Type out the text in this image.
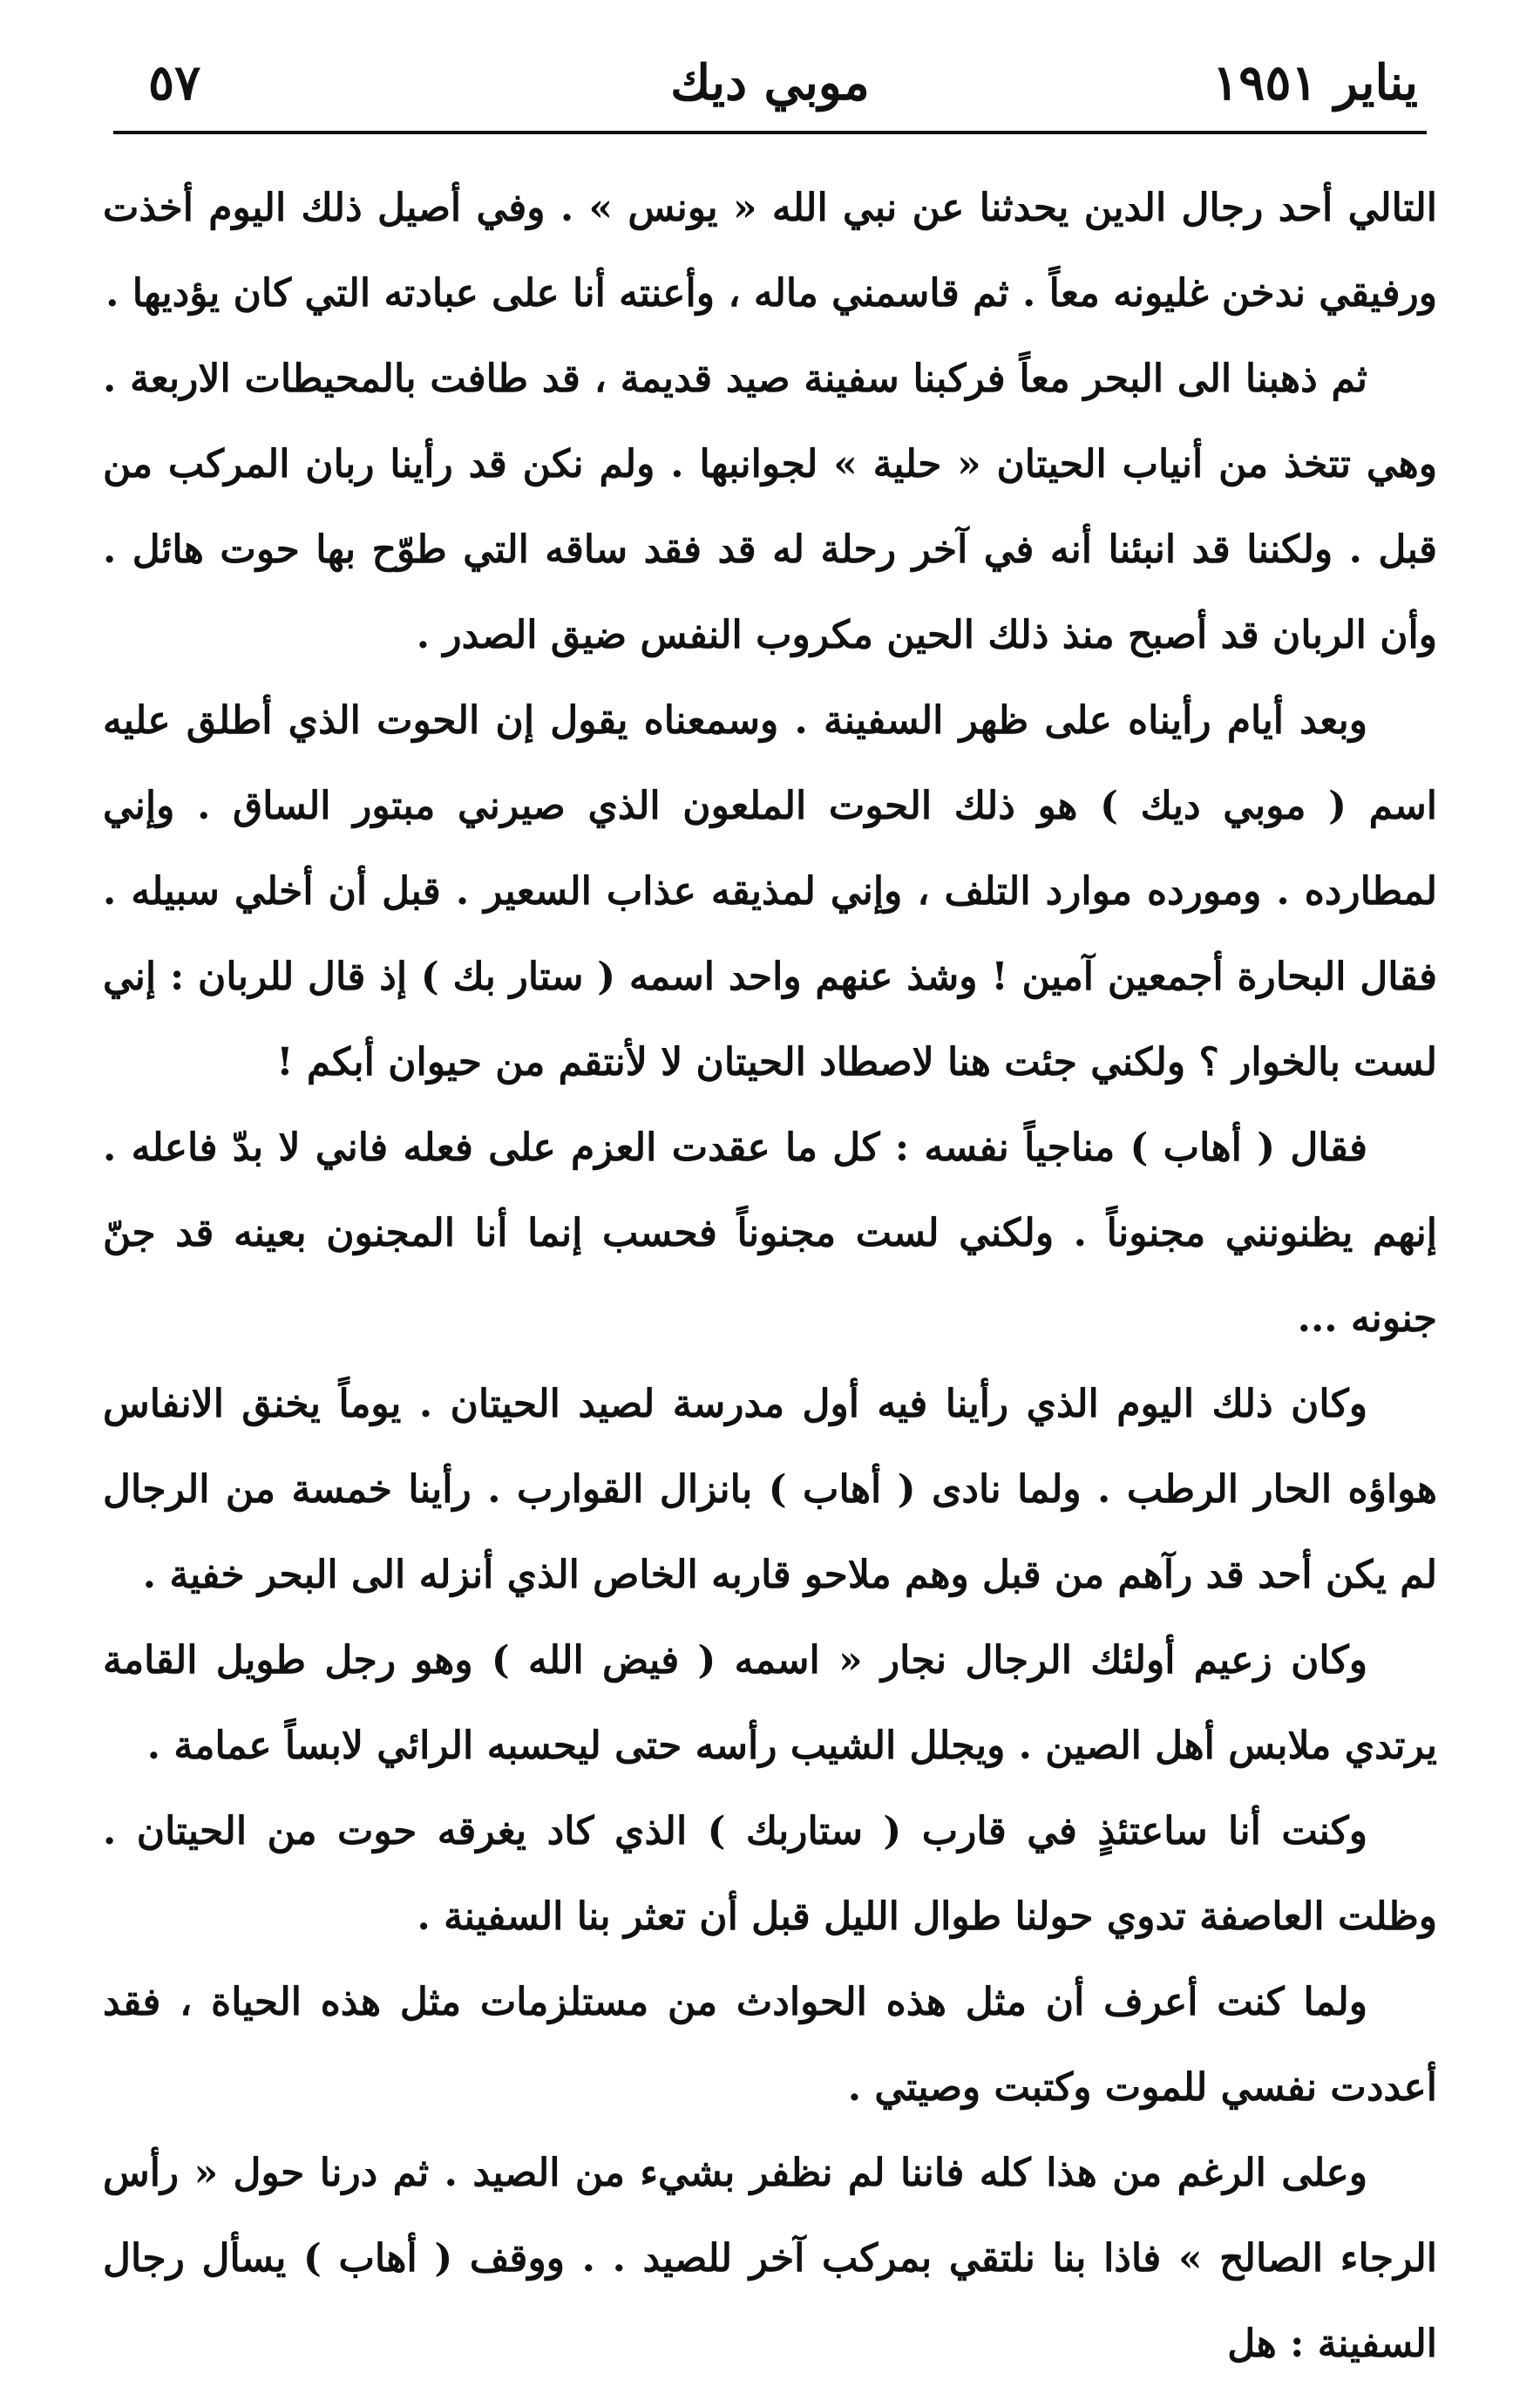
يناير ١٩٥١
موبي ديك
٥٧

التالي أحد رجال الدين يحدثنا عن نبي الله « يونس » . وفي أصيل ذلك اليوم أخذت ورفيقي ندخن غليونه معاً . ثم قاسمني ماله ، وأعنته أنا على عبادته التي كان يؤديها .

ثم ذهبنا الى البحر معاً فركبنا سفينة صيد قديمة ، قد طافت بالمحيطات الاربعة . وهي تتخذ من أنياب الحيتان « حلية » لجوانبها . ولم نكن قد رأينا ربان المركب من قبل . ولكننا قد انبئنا أنه في آخر رحلة له قد فقد ساقه التي طوّح بها حوت هائل . وأن الربان قد أصبح منذ ذلك الحين مكروب النفس ضيق الصدر .

وبعد أيام رأيناه على ظهر السفينة . وسمعناه يقول إن الحوت الذي أطلق عليه اسم ( موبي ديك ) هو ذلك الحوت الملعون الذي صيرني مبتور الساق . وإني لمطارده . ومورده موارد التلف ، وإني لمذيقه عذاب السعير . قبل أن أخلي سبيله . فقال البحارة أجمعين آمين ! وشذ عنهم واحد اسمه ( ستار بك ) إذ قال للربان : إني لست بالخوار ؟ ولكني جئت هنا لاصطاد الحيتان لا لأنتقم من حيوان أبكم !

فقال ( أهاب ) مناجياً نفسه : كل ما عقدت العزم على فعله فاني لا بدّ فاعله . إنهم يظنونني مجنوناً . ولكني لست مجنوناً فحسب إنما أنا المجنون بعينه قد جنّ جنونه ...

وكان ذلك اليوم الذي رأينا فيه أول مدرسة لصيد الحيتان . يوماً يخنق الانفاس هواؤه الحار الرطب . ولما نادى ( أهاب ) بانزال القوارب . رأينا خمسة من الرجال لم يكن أحد قد رآهم من قبل وهم ملاحو قاربه الخاص الذي أنزله الى البحر خفية .

وكان زعيم أولئك الرجال نجار « اسمه ( فيض الله ) وهو رجل طويل القامة يرتدي ملابس أهل الصين . ويجلل الشيب رأسه حتى ليحسبه الرائي لابساً عمامة .

وكنت أنا ساعتئذٍ في قارب ( ستاربك ) الذي كاد يغرقه حوت من الحيتان . وظلت العاصفة تدوي حولنا طوال الليل قبل أن تعثر بنا السفينة .

ولما كنت أعرف أن مثل هذه الحوادث من مستلزمات مثل هذه الحياة ، فقد أعددت نفسي للموت وكتبت وصيتي .

وعلى الرغم من هذا كله فاننا لم نظفر بشيء من الصيد . ثم درنا حول « رأس الرجاء الصالح » فاذا بنا نلتقي بمركب آخر للصيد . . ووقف ( أهاب ) يسأل رجال السفينة : هل
